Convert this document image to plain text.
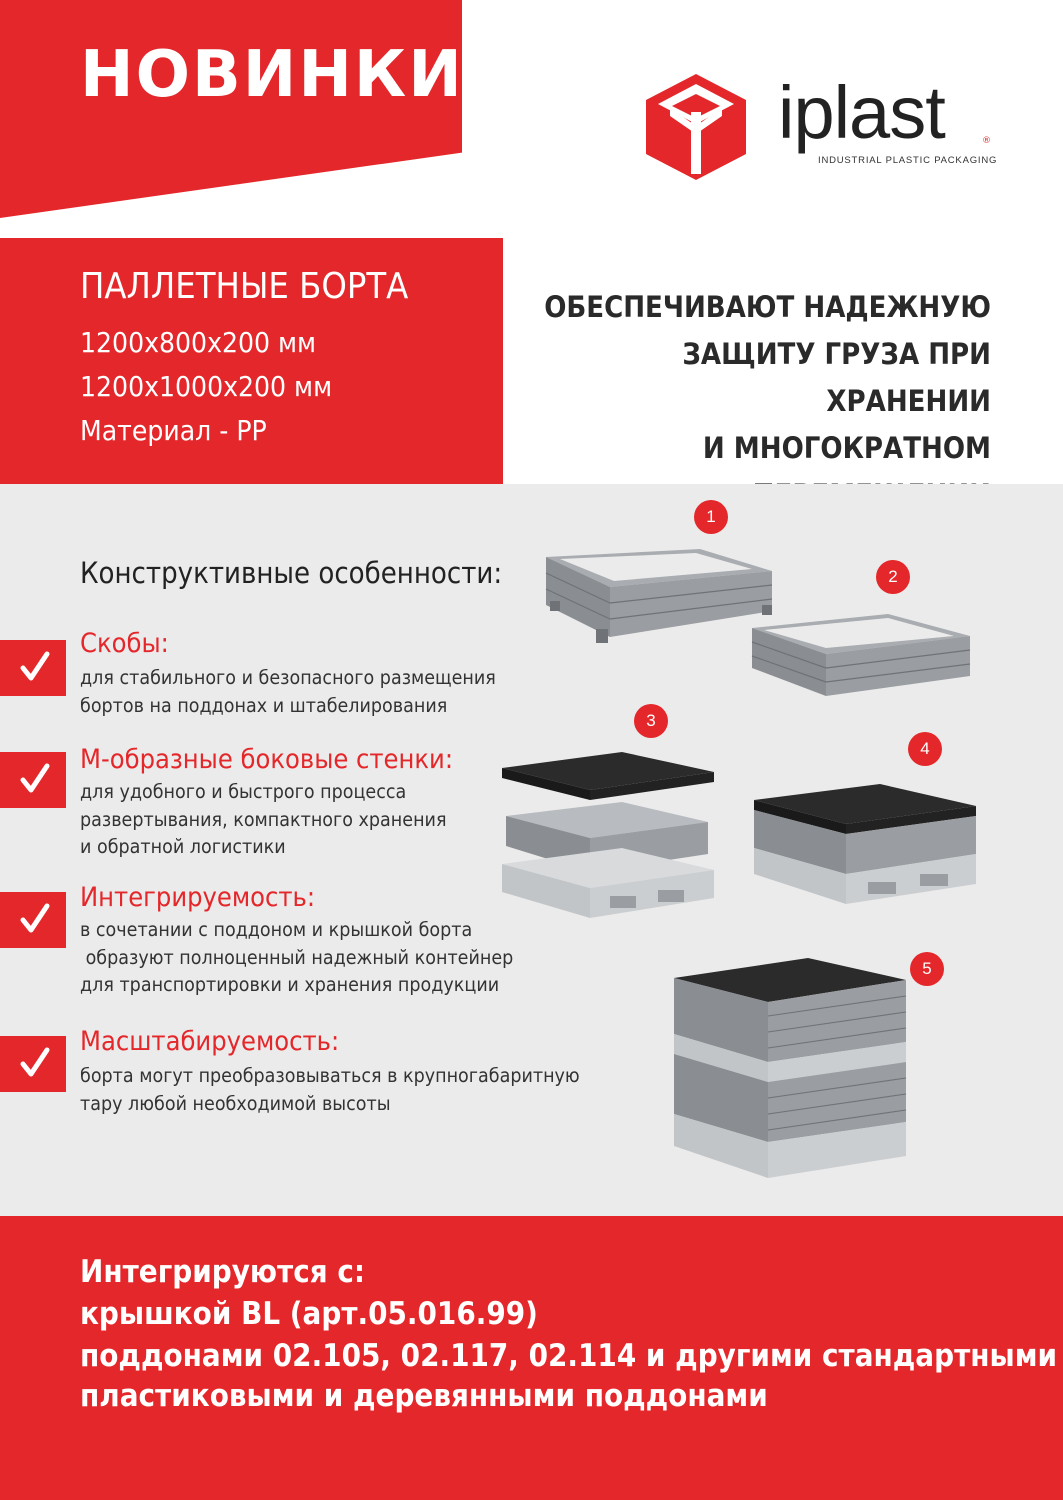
НОВИНКИ	iplast	®
INDUSTRIAL PLASTIC PACKAGING
ПАЛЛЕТНЫЕ БОРТА
1200x800x200 мм
1200x1000x200 мм
Материал - PP
ОБЕСПЕЧИВАЮТ НАДЕЖНУЮ
ЗАЩИТУ ГРУЗА ПРИ ХРАНЕНИИ
И МНОГОКРАТНОМ
Конструктивные особенности:
Скобы:
для стабильного и безопасного размещения
бортов на поддонах и штабелирования
М-образные боковые стенки:
для удобного и быстрого процесса
развертывания, компактного хранения
и обратной логистики
Интегрируемость:
в сочетании с поддоном и крышкой борта
образуют полноценный надежный контейнер
для транспортировки и хранения продукции
Масштабируемость:
борта могут преобразовываться в крупногабаритную
тару любой необходимой высоты
1
2
3
4
5
Интегрируются с:
крышкой BL (арт.05.016.99)
поддонами 02.105, 02.117, 02.114 и другими стандартными
пластиковыми и деревянными поддонами
